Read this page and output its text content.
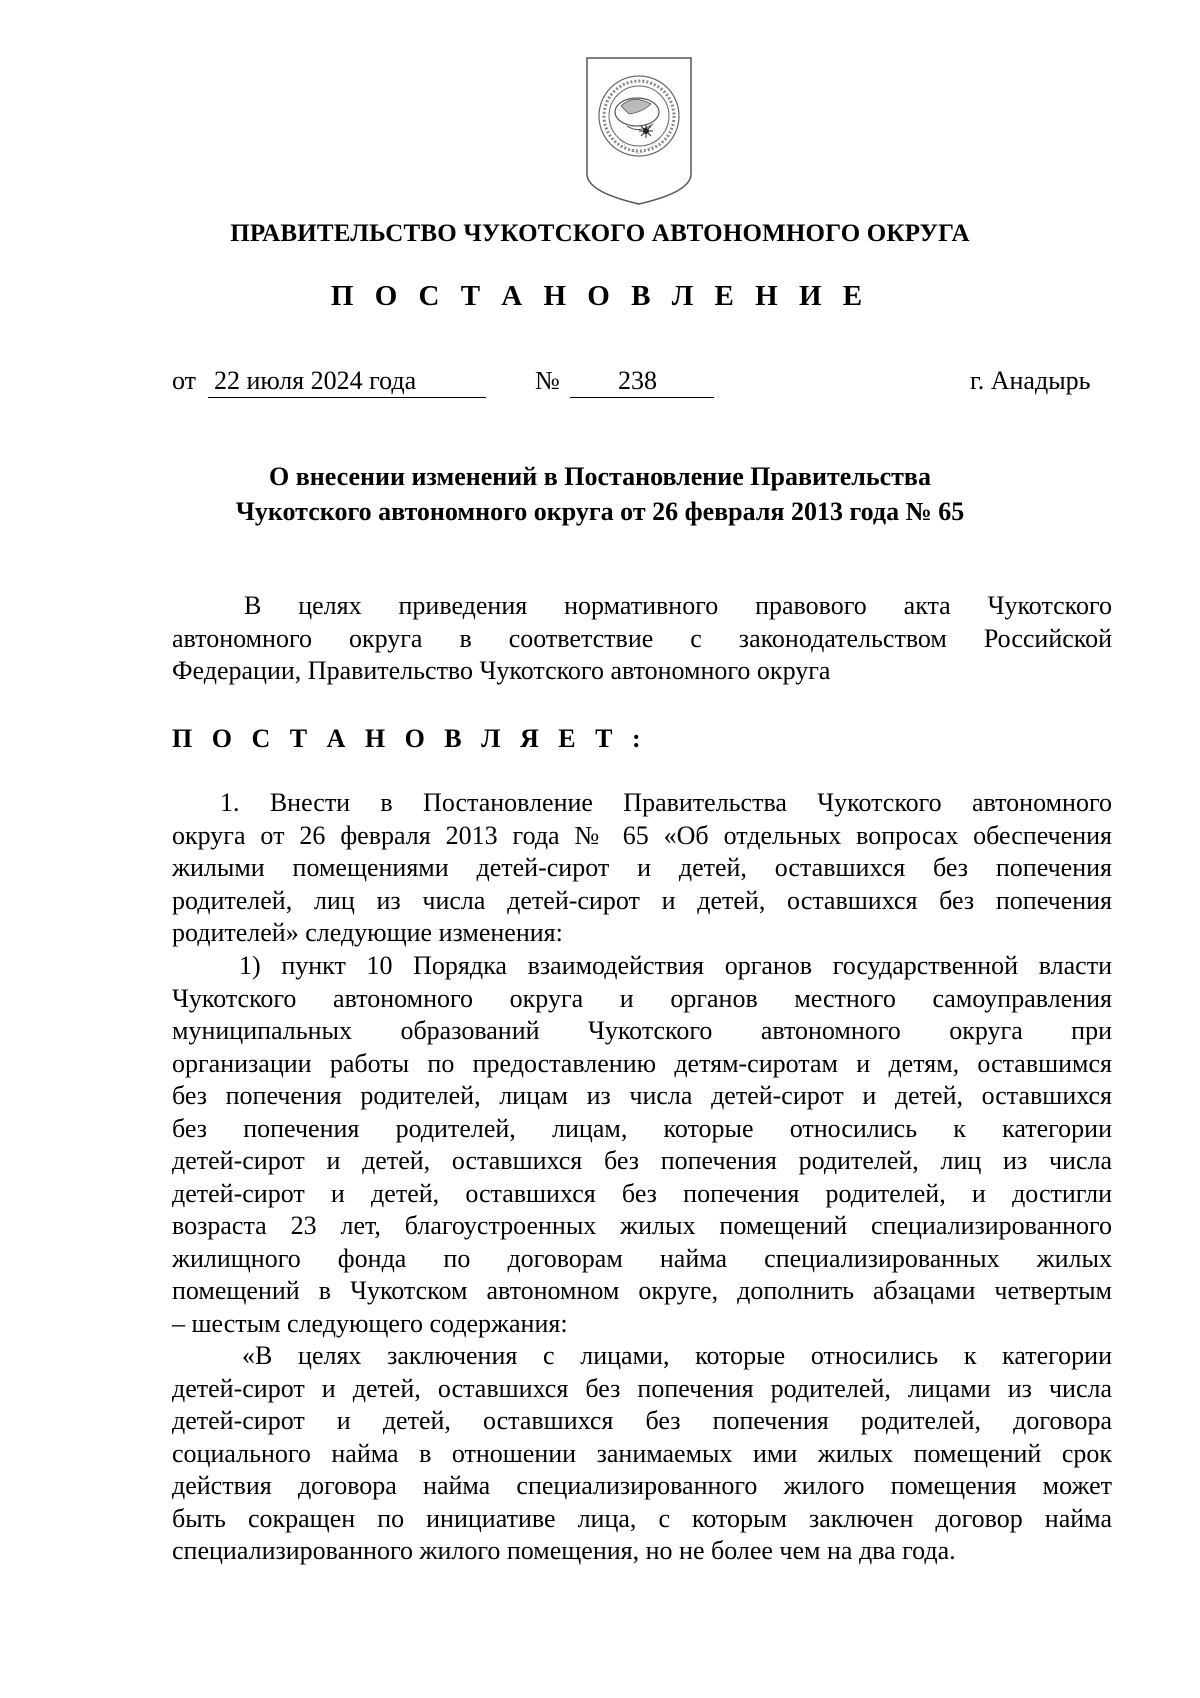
ПРАВИТЕЛЬСТВО ЧУКОТСКОГО АВТОНОМНОГО ОКРУГА
П О С Т А Н О В Л Е Н И Е
от 22 июля 2024 года	№ 238	г. Анадырь
О внесении изменений в Постановление Правительства
Чукотского автономного округа от 26 февраля 2013 года № 65
В целях приведения нормативного правового акта Чукотского
автономного округа в соответствие с законодательством Российской
Федерации, Правительство Чукотского автономного округа
П О С Т А Н О В Л Я Е Т :
1. Внести в Постановление Правительства Чукотского автономного
округа от 26 февраля 2013 года № 65 «Об отдельных вопросах обеспечения
жилыми помещениями детей-сирот и детей, оставшихся без попечения
родителей, лиц из числа детей-сирот и детей, оставшихся без попечения
родителей» следующие изменения:
1) пункт 10 Порядка взаимодействия органов государственной власти
Чукотского автономного округа и органов местного самоуправления
муниципальных образований Чукотского автономного округа при
организации работы по предоставлению детям-сиротам и детям, оставшимся
без попечения родителей, лицам из числа детей-сирот и детей, оставшихся
без попечения родителей, лицам, которые относились к категории
детей-сирот и детей, оставшихся без попечения родителей, лиц из числа
детей-сирот и детей, оставшихся без попечения родителей, и достигли
возраста 23 лет, благоустроенных жилых помещений специализированного
жилищного фонда по договорам найма специализированных жилых
помещений в Чукотском автономном округе, дополнить абзацами четвертым
– шестым следующего содержания:
«В целях заключения с лицами, которые относились к категории
детей-сирот и детей, оставшихся без попечения родителей, лицами из числа
детей-сирот и детей, оставшихся без попечения родителей, договора
социального найма в отношении занимаемых ими жилых помещений срок
действия договора найма специализированного жилого помещения может
быть сокращен по инициативе лица, с которым заключен договор найма
специализированного жилого помещения, но не более чем на два года.
